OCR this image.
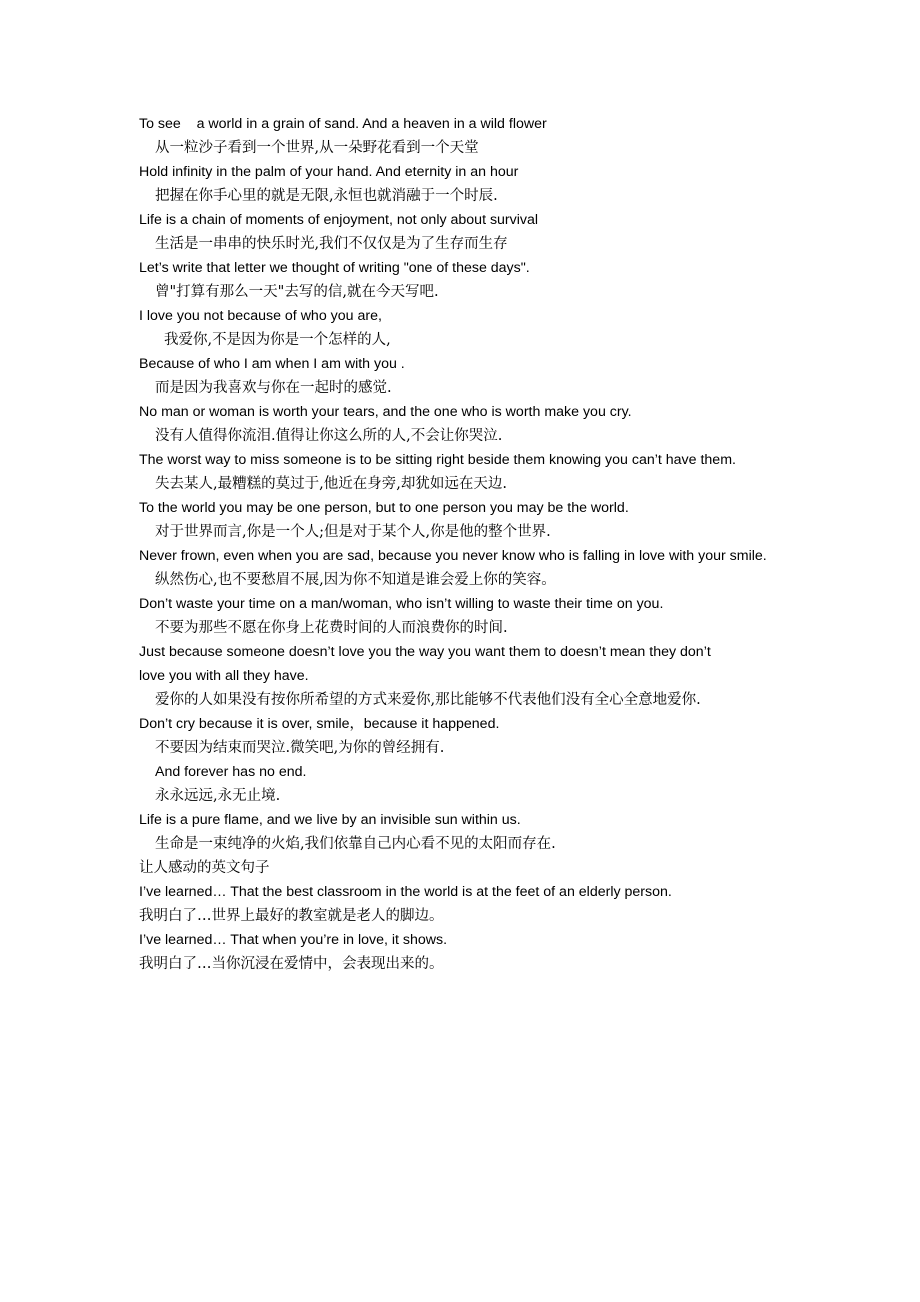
To see    a world in a grain of sand. And a heaven in a wild flower
从一粒沙子看到一个世界,从一朵野花看到一个天堂
Hold infinity in the palm of your hand. And eternity in an hour
把握在你手心里的就是无限,永恒也就消融于一个时辰.
Life is a chain of moments of enjoyment, not only about survival
生活是一串串的快乐时光,我们不仅仅是为了生存而生存
Let’s write that letter we thought of writing "one of these days".
曾"打算有那么一天"去写的信,就在今天写吧.
I love you not because of who you are,
我爱你,不是因为你是一个怎样的人,
Because of who I am when I am with you .
而是因为我喜欢与你在一起时的感觉.
No man or woman is worth your tears, and the one who is worth make you cry.
没有人值得你流泪.值得让你这么所的人,不会让你哭泣.
The worst way to miss someone is to be sitting right beside them knowing you can’t have them.
失去某人,最糟糕的莫过于,他近在身旁,却犹如远在天边.
To the world you may be one person, but to one person you may be the world.
对于世界而言,你是一个人;但是对于某个人,你是他的整个世界.
Never frown, even when you are sad, because you never know who is falling in love with your smile.
纵然伤心,也不要愁眉不展,因为你不知道是谁会爱上你的笑容。
Don’t waste your time on a man/woman, who isn’t willing to waste their time on you.
不要为那些不愿在你身上花费时间的人而浪费你的时间.
Just because someone doesn’t love you the way you want them to doesn’t mean they don’t
love you with all they have.
爱你的人如果没有按你所希望的方式来爱你,那比能够不代表他们没有全心全意地爱你.
Don’t cry because it is over, smile，because it happened.
不要因为结束而哭泣.微笑吧,为你的曾经拥有.
And forever has no end.
永永远远,永无止境.
Life is a pure flame, and we live by an invisible sun within us.
生命是一束纯净的火焰,我们依靠自己内心看不见的太阳而存在.
让人感动的英文句子
I’ve learned… That the best classroom in the world is at the feet of an elderly person.
我明白了…世界上最好的教室就是老人的脚边。
I’ve learned… That when you’re in love, it shows.
我明白了…当你沉浸在爱情中，会表现出来的。
